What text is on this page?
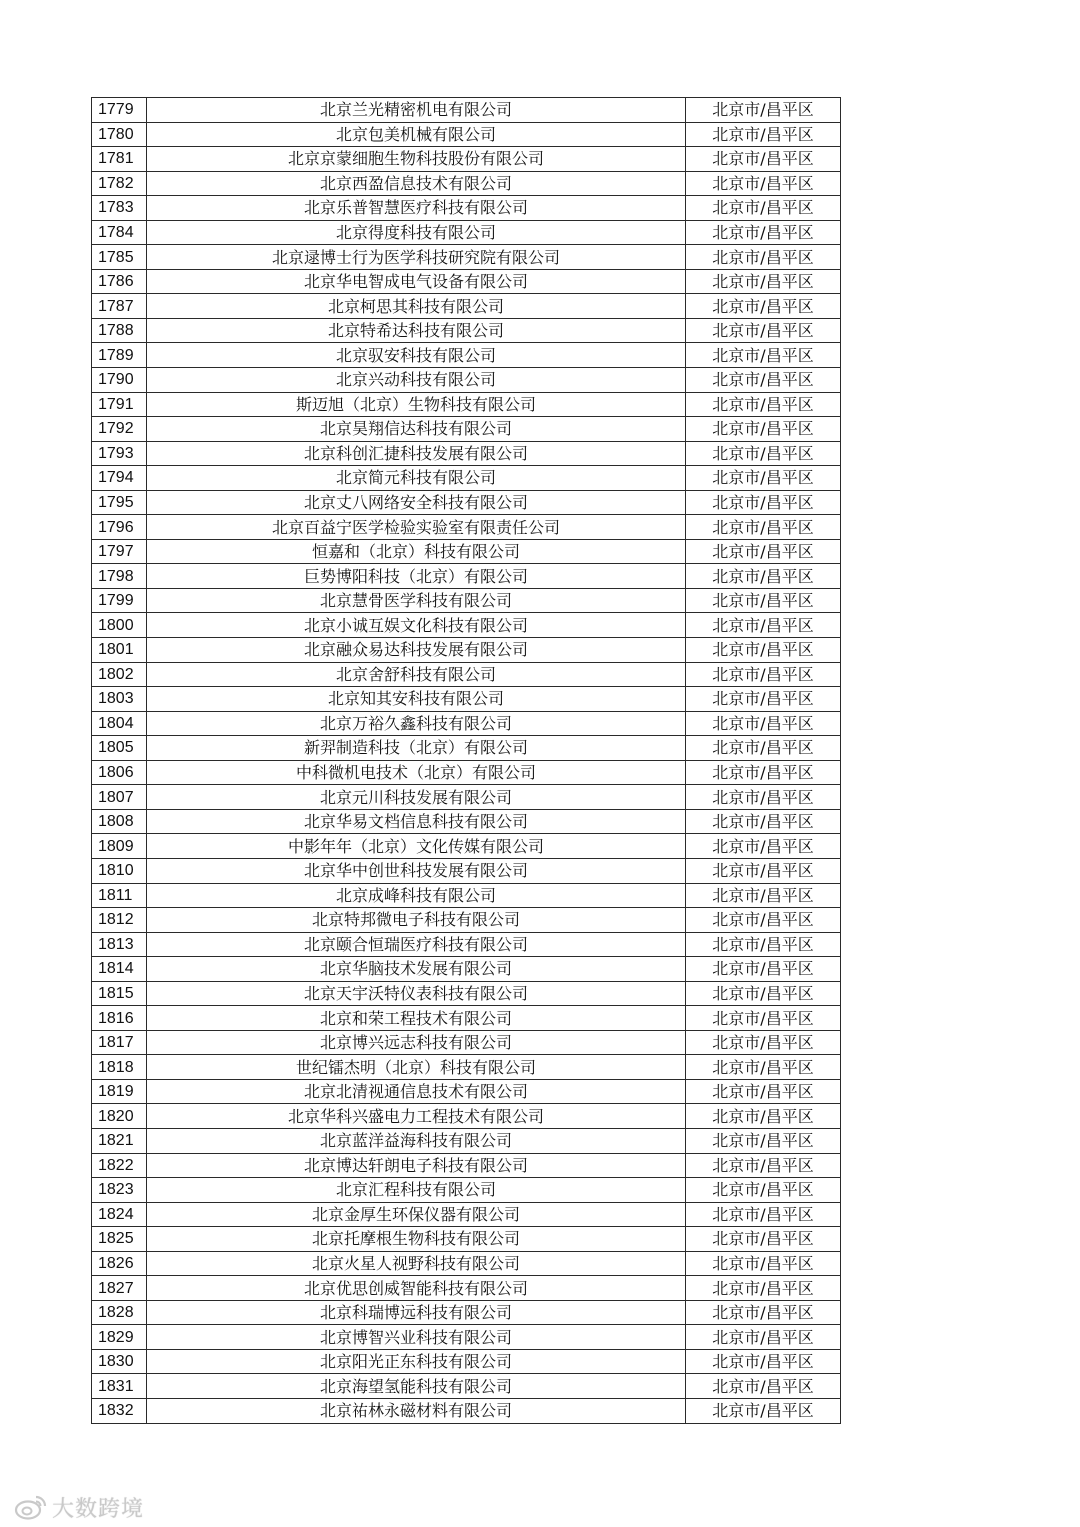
1779	北京兰光精密机电有限公司	北京市/昌平区
1780	北京包美机械有限公司	北京市/昌平区
1781	北京京蒙细胞生物科技股份有限公司	北京市/昌平区
1782	北京西盈信息技术有限公司	北京市/昌平区
1783	北京乐普智慧医疗科技有限公司	北京市/昌平区
1784	北京得度科技有限公司	北京市/昌平区
1785	北京逯博士行为医学科技研究院有限公司	北京市/昌平区
1786	北京华电智成电气设备有限公司	北京市/昌平区
1787	北京柯思其科技有限公司	北京市/昌平区
1788	北京特希达科技有限公司	北京市/昌平区
1789	北京驭安科技有限公司	北京市/昌平区
1790	北京兴动科技有限公司	北京市/昌平区
1791	斯迈旭（北京）生物科技有限公司	北京市/昌平区
1792	北京昊翔信达科技有限公司	北京市/昌平区
1793	北京科创汇捷科技发展有限公司	北京市/昌平区
1794	北京简元科技有限公司	北京市/昌平区
1795	北京丈八网络安全科技有限公司	北京市/昌平区
1796	北京百益宁医学检验实验室有限责任公司	北京市/昌平区
1797	恒嘉和（北京）科技有限公司	北京市/昌平区
1798	巨势博阳科技（北京）有限公司	北京市/昌平区
1799	北京慧骨医学科技有限公司	北京市/昌平区
1800	北京小诚互娱文化科技有限公司	北京市/昌平区
1801	北京融众易达科技发展有限公司	北京市/昌平区
1802	北京舍舒科技有限公司	北京市/昌平区
1803	北京知其安科技有限公司	北京市/昌平区
1804	北京万裕久鑫科技有限公司	北京市/昌平区
1805	新羿制造科技（北京）有限公司	北京市/昌平区
1806	中科微机电技术（北京）有限公司	北京市/昌平区
1807	北京元川科技发展有限公司	北京市/昌平区
1808	北京华易文档信息科技有限公司	北京市/昌平区
1809	中影年年（北京）文化传媒有限公司	北京市/昌平区
1810	北京华中创世科技发展有限公司	北京市/昌平区
1811	北京成峰科技有限公司	北京市/昌平区
1812	北京特邦微电子科技有限公司	北京市/昌平区
1813	北京颐合恒瑞医疗科技有限公司	北京市/昌平区
1814	北京华脑技术发展有限公司	北京市/昌平区
1815	北京天宇沃特仪表科技有限公司	北京市/昌平区
1816	北京和荣工程技术有限公司	北京市/昌平区
1817	北京博兴远志科技有限公司	北京市/昌平区
1818	世纪镭杰明（北京）科技有限公司	北京市/昌平区
1819	北京北清视通信息技术有限公司	北京市/昌平区
1820	北京华科兴盛电力工程技术有限公司	北京市/昌平区
1821	北京蓝洋益海科技有限公司	北京市/昌平区
1822	北京博达轩朗电子科技有限公司	北京市/昌平区
1823	北京汇程科技有限公司	北京市/昌平区
1824	北京金厚生环保仪器有限公司	北京市/昌平区
1825	北京托摩根生物科技有限公司	北京市/昌平区
1826	北京火星人视野科技有限公司	北京市/昌平区
1827	北京优思创威智能科技有限公司	北京市/昌平区
1828	北京科瑞博远科技有限公司	北京市/昌平区
1829	北京博智兴业科技有限公司	北京市/昌平区
1830	北京阳光正东科技有限公司	北京市/昌平区
1831	北京海望氢能科技有限公司	北京市/昌平区
1832	北京祐林永磁材料有限公司	北京市/昌平区
大数跨境
